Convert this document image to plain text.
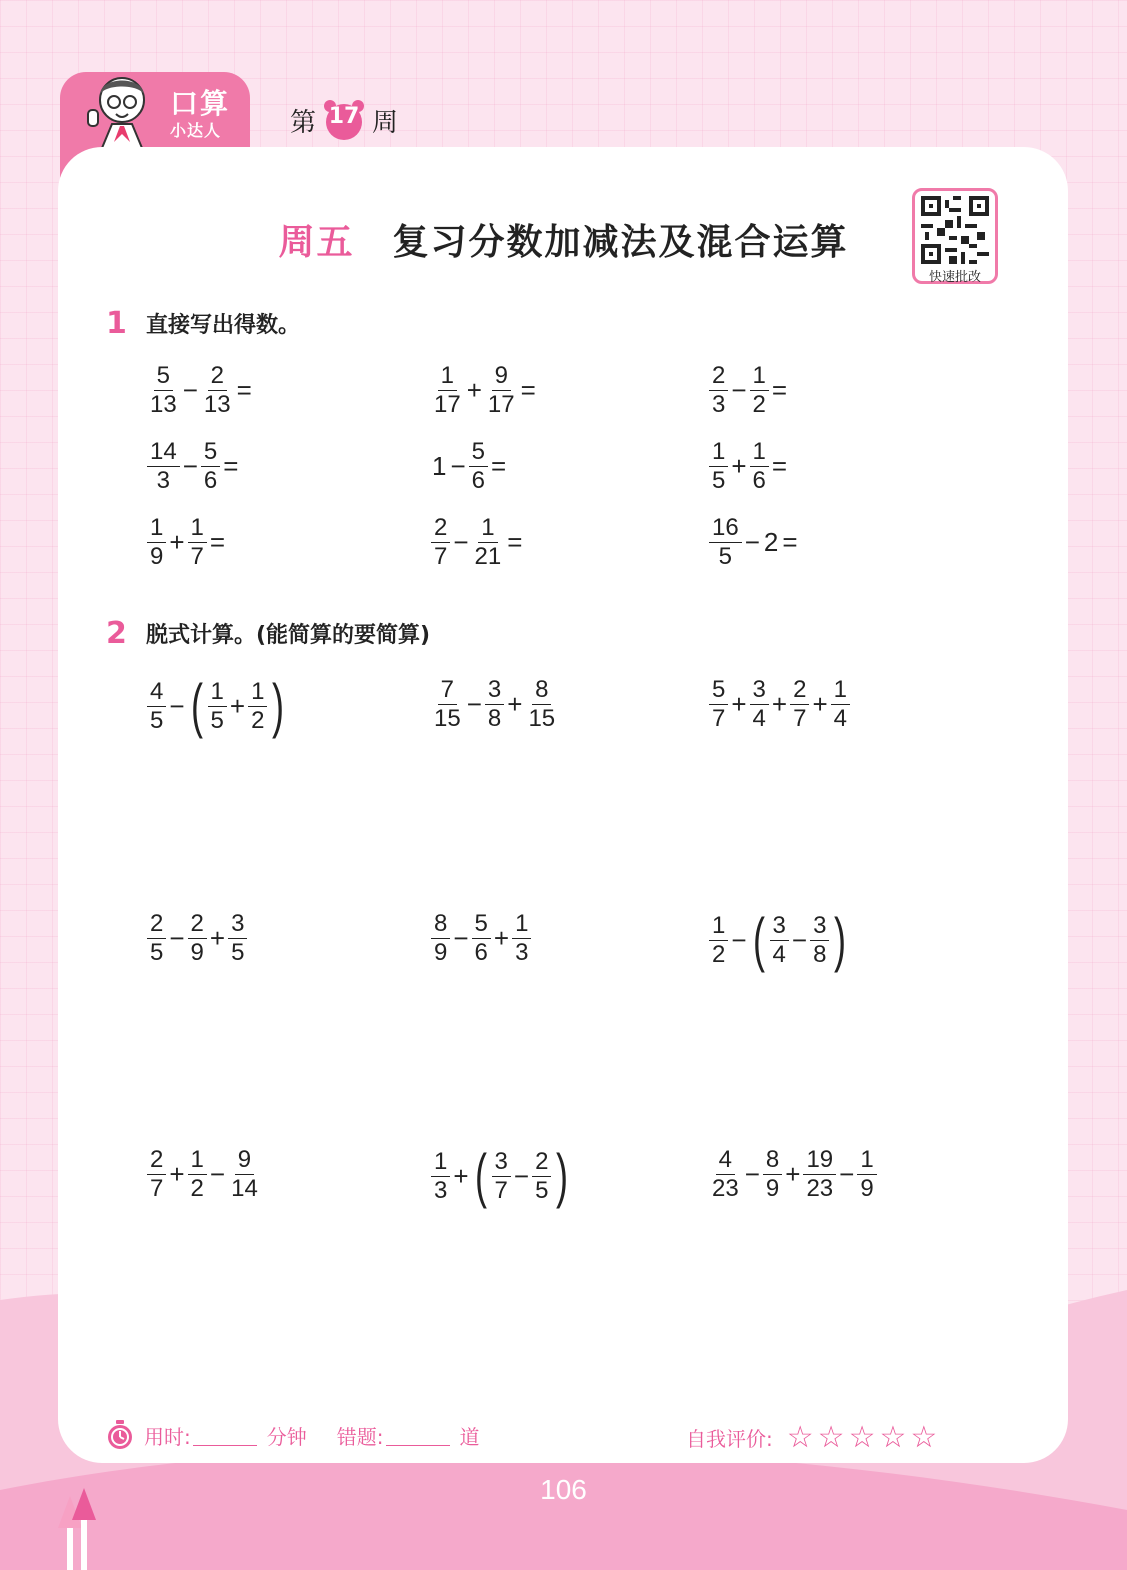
口算
小达人	第 17 周
周五 复习分数加减法及混合运算
快速批改
1 直接写出得数。
2 脱式计算。(能简算的要简算)
用时:	分钟 错题:	道	自我评价: ☆ ☆ ☆ ☆ ☆
106
$\frac{5}{13} - \frac{2}{13}$ =	$\frac{1}{17} + \frac{9}{17}$ =	$\frac{2}{3} - \frac{1}{2}$ =
$\frac{14}{3} - \frac{5}{6}$ =	$1 - \frac{5}{6}$ =	$\frac{1}{5} + \frac{1}{6}$ =
$\frac{1}{9} + \frac{1}{7}$ =	$\frac{2}{7} - \frac{1}{21}$ =	$\frac{16}{5} - 2$ =
$\frac{4}{5}$ − ( $\frac{1}{5} + \frac{1}{2}$ )	$\frac{7}{15} - \frac{3}{8} + \frac{8}{15}$	$\frac{5}{7} + \frac{3}{4} + \frac{2}{7} + \frac{1}{4}$
$\frac{2}{5} - \frac{2}{9} + \frac{3}{5}$	$\frac{8}{9} - \frac{5}{6} + \frac{1}{3}$	$\frac{1}{2}$ − ( $\frac{3}{4} - \frac{3}{8}$ )
$\frac{2}{7} + \frac{1}{2} - \frac{9}{14}$	$\frac{1}{3}$ + ( $\frac{3}{7} - \frac{2}{5}$ )	$\frac{4}{23} - \frac{8}{9} + \frac{19}{23} - \frac{1}{9}$
